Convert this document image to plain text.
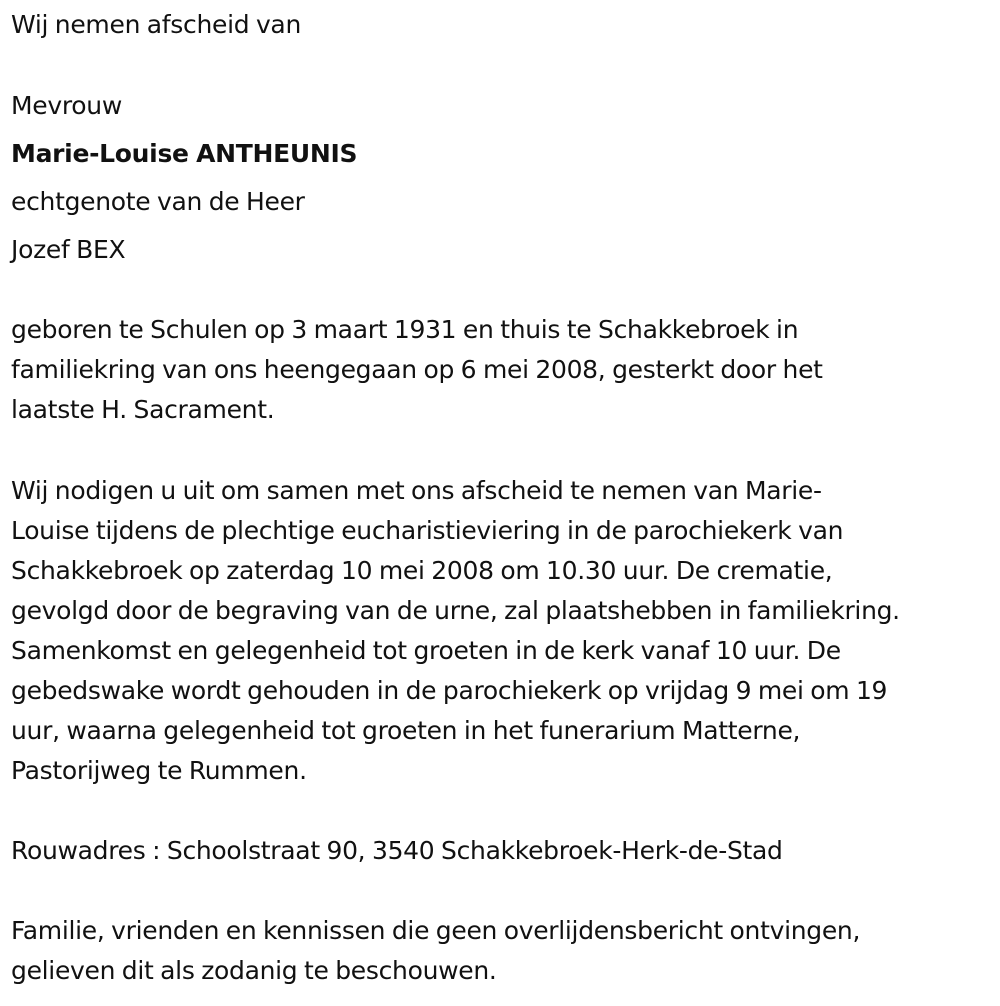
Wij nemen afscheid van
Mevrouw
Marie-Louise ANTHEUNIS
echtgenote van de Heer
Jozef BEX
geboren te Schulen op 3 maart 1931 en thuis te Schakkebroek in
familiekring van ons heengegaan op 6 mei 2008, gesterkt door het
laatste H. Sacrament.
Wij nodigen u uit om samen met ons afscheid te nemen van Marie-
Louise tijdens de plechtige eucharistieviering in de parochiekerk van
Schakkebroek op zaterdag 10 mei 2008 om 10.30 uur. De crematie,
gevolgd door de begraving van de urne, zal plaatshebben in familiekring.
Samenkomst en gelegenheid tot groeten in de kerk vanaf 10 uur. De
gebedswake wordt gehouden in de parochiekerk op vrijdag 9 mei om 19
uur, waarna gelegenheid tot groeten in het funerarium Matterne,
Pastorijweg te Rummen.
Rouwadres : Schoolstraat 90, 3540 Schakkebroek-Herk-de-Stad
Familie, vrienden en kennissen die geen overlijdensbericht ontvingen,
gelieven dit als zodanig te beschouwen.
